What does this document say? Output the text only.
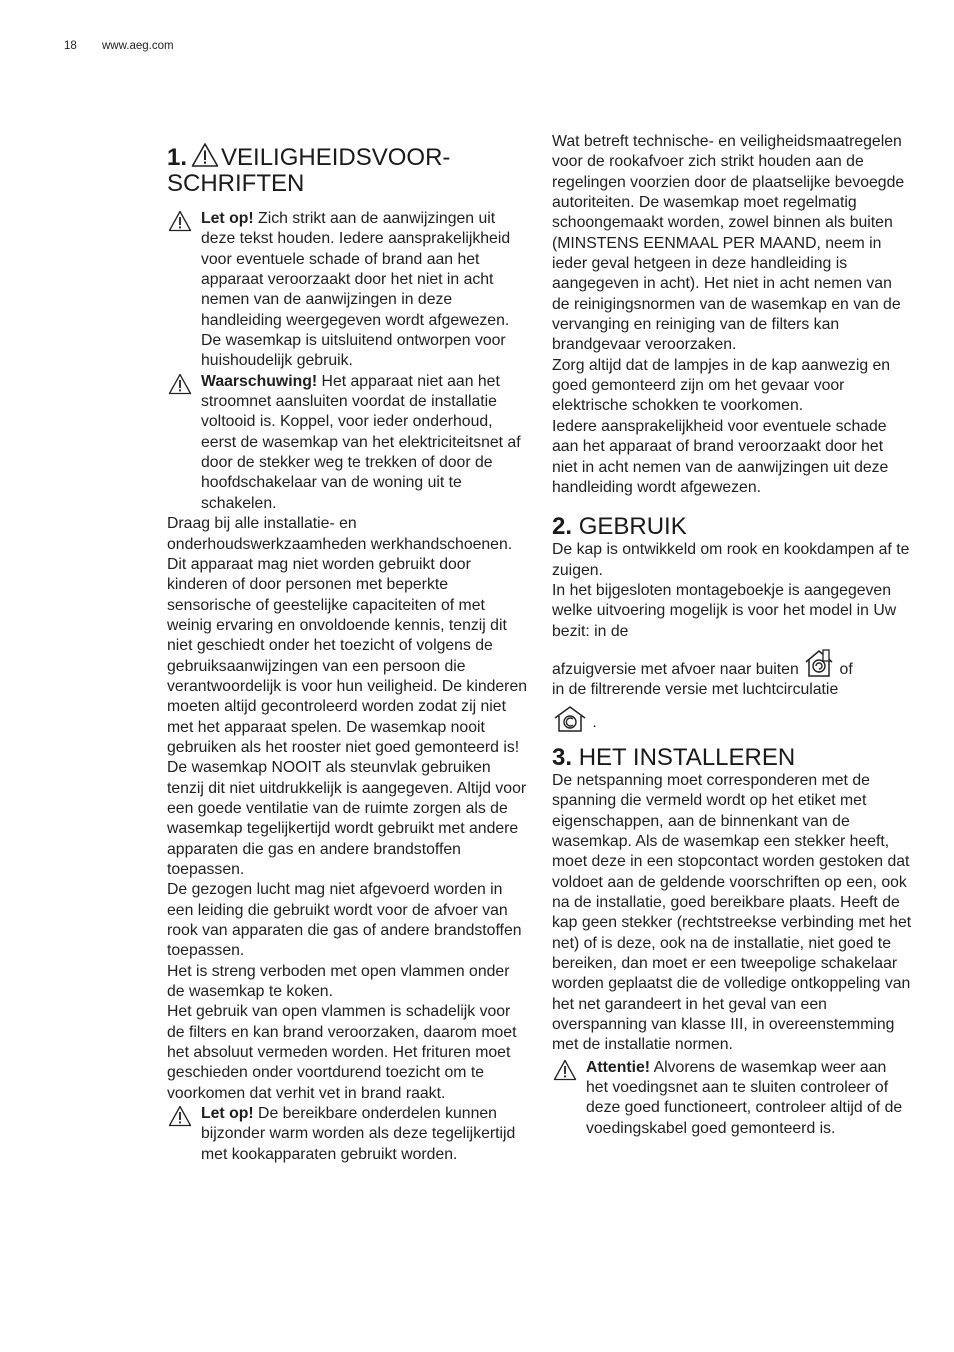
18 www.aeg.com
1. VEILIGHEIDSVOOR-
SCHRIFTEN
Let op! Zich strikt aan de aanwijzingen uit deze tekst houden. Iedere aansprakelijkheid voor eventuele schade of brand aan het apparaat veroorzaakt door het niet in acht nemen van de aanwijzingen in deze handleiding weergegeven wordt afgewezen. De wasemkap is uitsluitend ontworpen voor huishoudelijk gebruik.
Waarschuwing! Het apparaat niet aan het stroomnet aansluiten voordat de installatie voltooid is. Koppel, voor ieder onderhoud, eerst de wasemkap van het elektriciteitsnet af door de stekker weg te trekken of door de hoofdschakelaar van de woning uit te schakelen.

Draag bij alle installatie- en onderhoudswerkzaamheden werkhandschoenen.

Dit apparaat mag niet worden gebruikt door kinderen of door personen met beperkte sensorische of geestelijke capaciteiten of met weinig ervaring en onvoldoende kennis, tenzij dit niet geschiedt onder het toezicht of volgens de gebruiksaanwijzingen van een persoon die verantwoordelijk is voor hun veiligheid. De kinderen moeten altijd gecontroleerd worden zodat zij niet met het apparaat spelen. De wasemkap nooit gebruiken als het rooster niet goed gemonteerd is!

De wasemkap NOOIT als steunvlak gebruiken tenzij dit niet uitdrukkelijk is aangegeven. Altijd voor een goede ventilatie van de ruimte zorgen als de wasemkap tegelijkertijd wordt gebruikt met andere apparaten die gas en andere brandstoffen toepassen.

De gezogen lucht mag niet afgevoerd worden in een leiding die gebruikt wordt voor de afvoer van rook van apparaten die gas of andere brandstoffen toepassen.

Het is streng verboden met open vlammen onder de wasemkap te koken.

Het gebruik van open vlammen is schadelijk voor de filters en kan brand veroorzaken, daarom moet het absoluut vermeden worden. Het frituren moet geschieden onder voortdurend toezicht om te voorkomen dat verhit vet in brand raakt.

Let op! De bereikbare onderdelen kunnen bijzonder warm worden als deze tegelijkertijd met kookapparaten gebruikt worden.

Wat betreft technische- en veiligheidsmaatregelen voor de rookafvoer zich strikt houden aan de regelingen voorzien door de plaatselijke bevoegde autoriteiten. De wasemkap moet regelmatig schoongemaakt worden, zowel binnen als buiten (MINSTENS EENMAAL PER MAAND, neem in ieder geval hetgeen in deze handleiding is aangegeven in acht). Het niet in acht nemen van de reinigingsnormen van de wasemkap en van de vervanging en reiniging van de filters kan brandgevaar veroorzaken.

Zorg altijd dat de lampjes in de kap aanwezig en goed gemonteerd zijn om het gevaar voor elektrische schokken te voorkomen.

Iedere aansprakelijkheid voor eventuele schade aan het apparaat of brand veroorzaakt door het niet in acht nemen van de aanwijzingen uit deze handleiding wordt afgewezen.

2. GEBRUIK

De kap is ontwikkeld om rook en kookdampen af te zuigen.

In het bijgesloten montageboekje is aangegeven welke uitvoering mogelijk is voor het model in Uw bezit: in de

afzuigversie met afvoer naar buiten	of

in de filtrerende versie met luchtcirculatie

.

3. HET INSTALLEREN

De netspanning moet corresponderen met de spanning die vermeld wordt op het etiket met eigenschappen, aan de binnenkant van de wasemkap. Als de wasemkap een stekker heeft, moet deze in een stopcontact worden gestoken dat voldoet aan de geldende voorschriften op een, ook na de installatie, goed bereikbare plaats. Heeft de kap geen stekker (rechtstreekse verbinding met het net) of is deze, ook na de installatie, niet goed te bereiken, dan moet er een tweepolige schakelaar worden geplaatst die de volledige ontkoppeling van het net garandeert in het geval van een overspanning van klasse III, in overeenstemming met de installatie normen.

Attentie! Alvorens de wasemkap weer aan het voedingsnet aan te sluiten controleer of deze goed functioneert, controleer altijd of de voedingskabel goed gemonteerd is.
